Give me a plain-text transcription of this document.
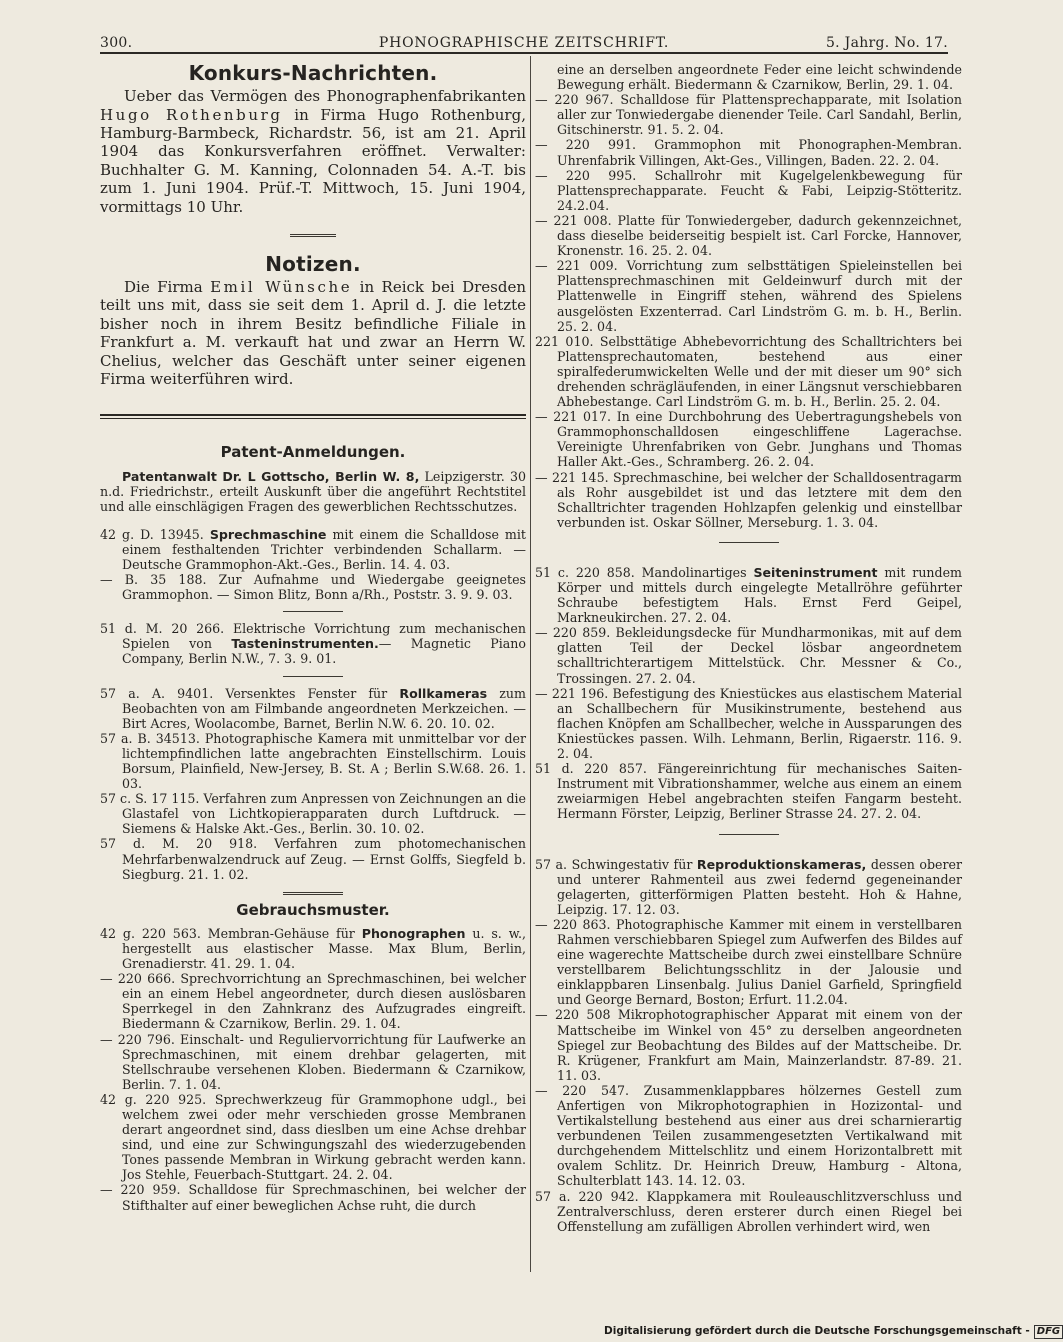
300.	PHONOGRAPHISCHE ZEITSCHRIFT.	5. Jahrg. No. 17.
Konkurs-Nachrichten.

Ueber das Vermögen des Phonographenfabrikanten Hugo Rothenburg in Firma Hugo Rothenburg, Hamburg-Barmbeck, Richardstr. 56, ist am 21. April 1904 das Konkursverfahren eröffnet. Verwalter: Buchhalter G. M. Kanning, Colonnaden 54. A.-T. bis zum 1. Juni 1904. Prüf.-T. Mittwoch, 15. Juni 1904, vormittags 10 Uhr.

Notizen.

Die Firma Emil Wünsche in Reick bei Dresden teilt uns mit, dass sie seit dem 1. April d. J. die letzte bisher noch in ihrem Besitz befindliche Filiale in Frankfurt a. M. verkauft hat und zwar an Herrn W. Chelius, welcher das Geschäft unter seiner eigenen Firma weiterführen wird.

Patent-Anmeldungen.

Patentanwalt Dr. L Gottscho, Berlin W. 8, Leipzigerstr. 30 n.d. Friedrichstr., erteilt Auskunft über die angeführt Rechtstitel und alle einschlägigen Fragen des gewerblichen Rechtsschutzes.

42 g. D. 13945. Sprechmaschine mit einem die Schalldose mit einem festhaltenden Trichter verbindenden Schallarm. — Deutsche Grammophon-Akt.-Ges., Berlin. 14. 4. 03.

— B. 35 188. Zur Aufnahme und Wiedergabe geeignetes Grammophon. — Simon Blitz, Bonn a/Rh., Poststr. 3. 9. 9. 03.

51 d. M. 20 266. Elektrische Vorrichtung zum mechanischen Spielen von Tasteninstrumenten.— Magnetic Piano Company, Berlin N.W., 7. 3. 9. 01.

57 a. A. 9401. Versenktes Fenster für Rollkameras zum Beobachten von am Filmbande angeordneten Merkzeichen. — Birt Acres, Woolacombe, Barnet, Berlin N.W. 6. 20. 10. 02.

57 a. B. 34513. Photographische Kamera mit unmittelbar vor der lichtempfindlichen latte angebrachten Einstellschirm. Louis Borsum, Plainfield, New-Jersey, B. St. A ; Berlin S.W.68. 26. 1. 03.

57 c. S. 17 115. Verfahren zum Anpressen von Zeichnungen an die Glastafel von Lichtkopierapparaten durch Luftdruck. — Siemens & Halske Akt.-Ges., Berlin. 30. 10. 02.

57 d. M. 20 918. Verfahren zum photomechanischen Mehrfarbenwalzendruck auf Zeug. — Ernst Golffs, Siegfeld b. Siegburg. 21. 1. 02.

Gebrauchsmuster.

42 g. 220 563. Membran-Gehäuse für Phonographen u. s. w., hergestellt aus elastischer Masse. Max Blum, Berlin, Grenadierstr. 41. 29. 1. 04.

— 220 666. Sprechvorrichtung an Sprechmaschinen, bei welcher ein an einem Hebel angeordneter, durch diesen auslösbaren Sperrkegel in den Zahnkranz des Aufzugrades eingreift. Biedermann & Czarnikow, Berlin. 29. 1. 04.

— 220 796. Einschalt- und Reguliervorrichtung für Laufwerke an Sprechmaschinen, mit einem drehbar gelagerten, mit Stellschraube versehenen Kloben. Biedermann & Czarnikow, Berlin. 7. 1. 04.

42 g. 220 925. Sprechwerkzeug für Grammophone udgl., bei welchem zwei oder mehr verschieden grosse Membranen derart angeordnet sind, dass dieslben um eine Achse drehbar sind, und eine zur Schwingungszahl des wiederzugebenden Tones passende Membran in Wirkung gebracht werden kann. Jos Stehle, Feuerbach-Stuttgart. 24. 2. 04.

— 220 959. Schalldose für Sprechmaschinen, bei welcher der Stifthalter auf einer beweglichen Achse ruht, die durch

eine an derselben angeordnete Feder eine leicht schwindende Bewegung erhält. Biedermann & Czarnikow, Berlin, 29. 1. 04.

— 220 967. Schalldose für Plattensprechapparate, mit Isolation aller zur Tonwiedergabe dienender Teile. Carl Sandahl, Berlin, Gitschinerstr. 91. 5. 2. 04.

— 220 991. Grammophon mit Phonographen-Membran. Uhrenfabrik Villingen, Akt-Ges., Villingen, Baden. 22. 2. 04.

— 220 995. Schallrohr mit Kugelgelenkbewegung für Plattensprechapparate. Feucht & Fabi, Leipzig-Stötteritz. 24.2.04.

— 221 008. Platte für Tonwiedergeber, dadurch gekennzeichnet, dass dieselbe beiderseitig bespielt ist. Carl Forcke, Hannover, Kronenstr. 16. 25. 2. 04.

— 221 009. Vorrichtung zum selbsttätigen Spieleinstellen bei Plattensprechmaschinen mit Geldeinwurf durch mit der Plattenwelle in Eingriff stehen, während des Spielens ausgelösten Exzenterrad. Carl Lindström G. m. b. H., Berlin. 25. 2. 04.

221 010. Selbsttätige Abhebevorrichtung des Schalltrichters bei Plattensprechautomaten, bestehend aus einer spiralfederumwickelten Welle und der mit dieser um 90° sich drehenden schrägläufenden, in einer Längsnut verschiebbaren Abhebestange. Carl Lindström G. m. b. H., Berlin. 25. 2. 04.

— 221 017. In eine Durchbohrung des Uebertragungshebels von Grammophonschalldosen eingeschliffene Lagerachse. Vereinigte Uhrenfabriken von Gebr. Junghans und Thomas Haller Akt.-Ges., Schramberg. 26. 2. 04.

— 221 145. Sprechmaschine, bei welcher der Schalldosentragarm als Rohr ausgebildet ist und das letztere mit dem den Schalltrichter tragenden Hohlzapfen gelenkig und einstellbar verbunden ist. Oskar Söllner, Merseburg. 1. 3. 04.

51 c. 220 858. Mandolinartiges Seiteninstrument mit rundem Körper und mittels durch eingelegte Metallröhre geführter Schraube befestigtem Hals. Ernst Ferd Geipel, Markneukirchen. 27. 2. 04.

— 220 859. Bekleidungsdecke für Mundharmonikas, mit auf dem glatten Teil der Deckel lösbar angeordnetem schalltrichterartigem Mittelstück. Chr. Messner & Co., Trossingen. 27. 2. 04.

— 221 196. Befestigung des Kniestückes aus elastischem Material an Schallbechern für Musikinstrumente, bestehend aus flachen Knöpfen am Schallbecher, welche in Aussparungen des Kniestückes passen. Wilh. Lehmann, Berlin, Rigaerstr. 116. 9. 2. 04.

51 d. 220 857. Fängereinrichtung für mechanisches Saiten-Instrument mit Vibrationshammer, welche aus einem an einem zweiarmigen Hebel angebrachten steifen Fangarm besteht. Hermann Förster, Leipzig, Berliner Strasse 24. 27. 2. 04.

57 a. Schwingestativ für Reproduktionskameras, dessen oberer und unterer Rahmenteil aus zwei federnd gegeneinander gelagerten, gitterförmigen Platten besteht. Hoh & Hahne, Leipzig. 17. 12. 03.

— 220 863. Photographische Kammer mit einem in verstellbaren Rahmen verschiebbaren Spiegel zum Aufwerfen des Bildes auf eine wagerechte Mattscheibe durch zwei einstellbare Schnüre verstellbarem Belichtungsschlitz in der Jalousie und einklappbaren Linsenbalg. Julius Daniel Garfield, Springfield und George Bernard, Boston; Erfurt. 11.2.04.

— 220 508 Mikrophotographischer Apparat mit einem von der Mattscheibe im Winkel von 45° zu derselben angeordneten Spiegel zur Beobachtung des Bildes auf der Mattscheibe. Dr. R. Krügener, Frankfurt am Main, Mainzerlandstr. 87-89. 21. 11. 03.

— 220 547. Zusammenklappbares hölzernes Gestell zum Anfertigen von Mikrophotographien in Hozizontal- und Vertikalstellung bestehend aus einer aus drei scharnierartig verbundenen Teilen zusammengesetzten Vertikalwand mit durchgehendem Mittelschlitz und einem Horizontalbrett mit ovalem Schlitz. Dr. Heinrich Dreuw, Hamburg - Altona, Schulterblatt 143. 14. 12. 03.

57 a. 220 942. Klappkamera mit Rouleauschlitzverschluss und Zentralverschluss, deren ersterer durch einen Riegel bei Offenstellung am zufälligen Abrollen verhindert wird, wen

Digitalisierung gefördert durch die Deutsche Forschungsgemeinschaft - DFG
